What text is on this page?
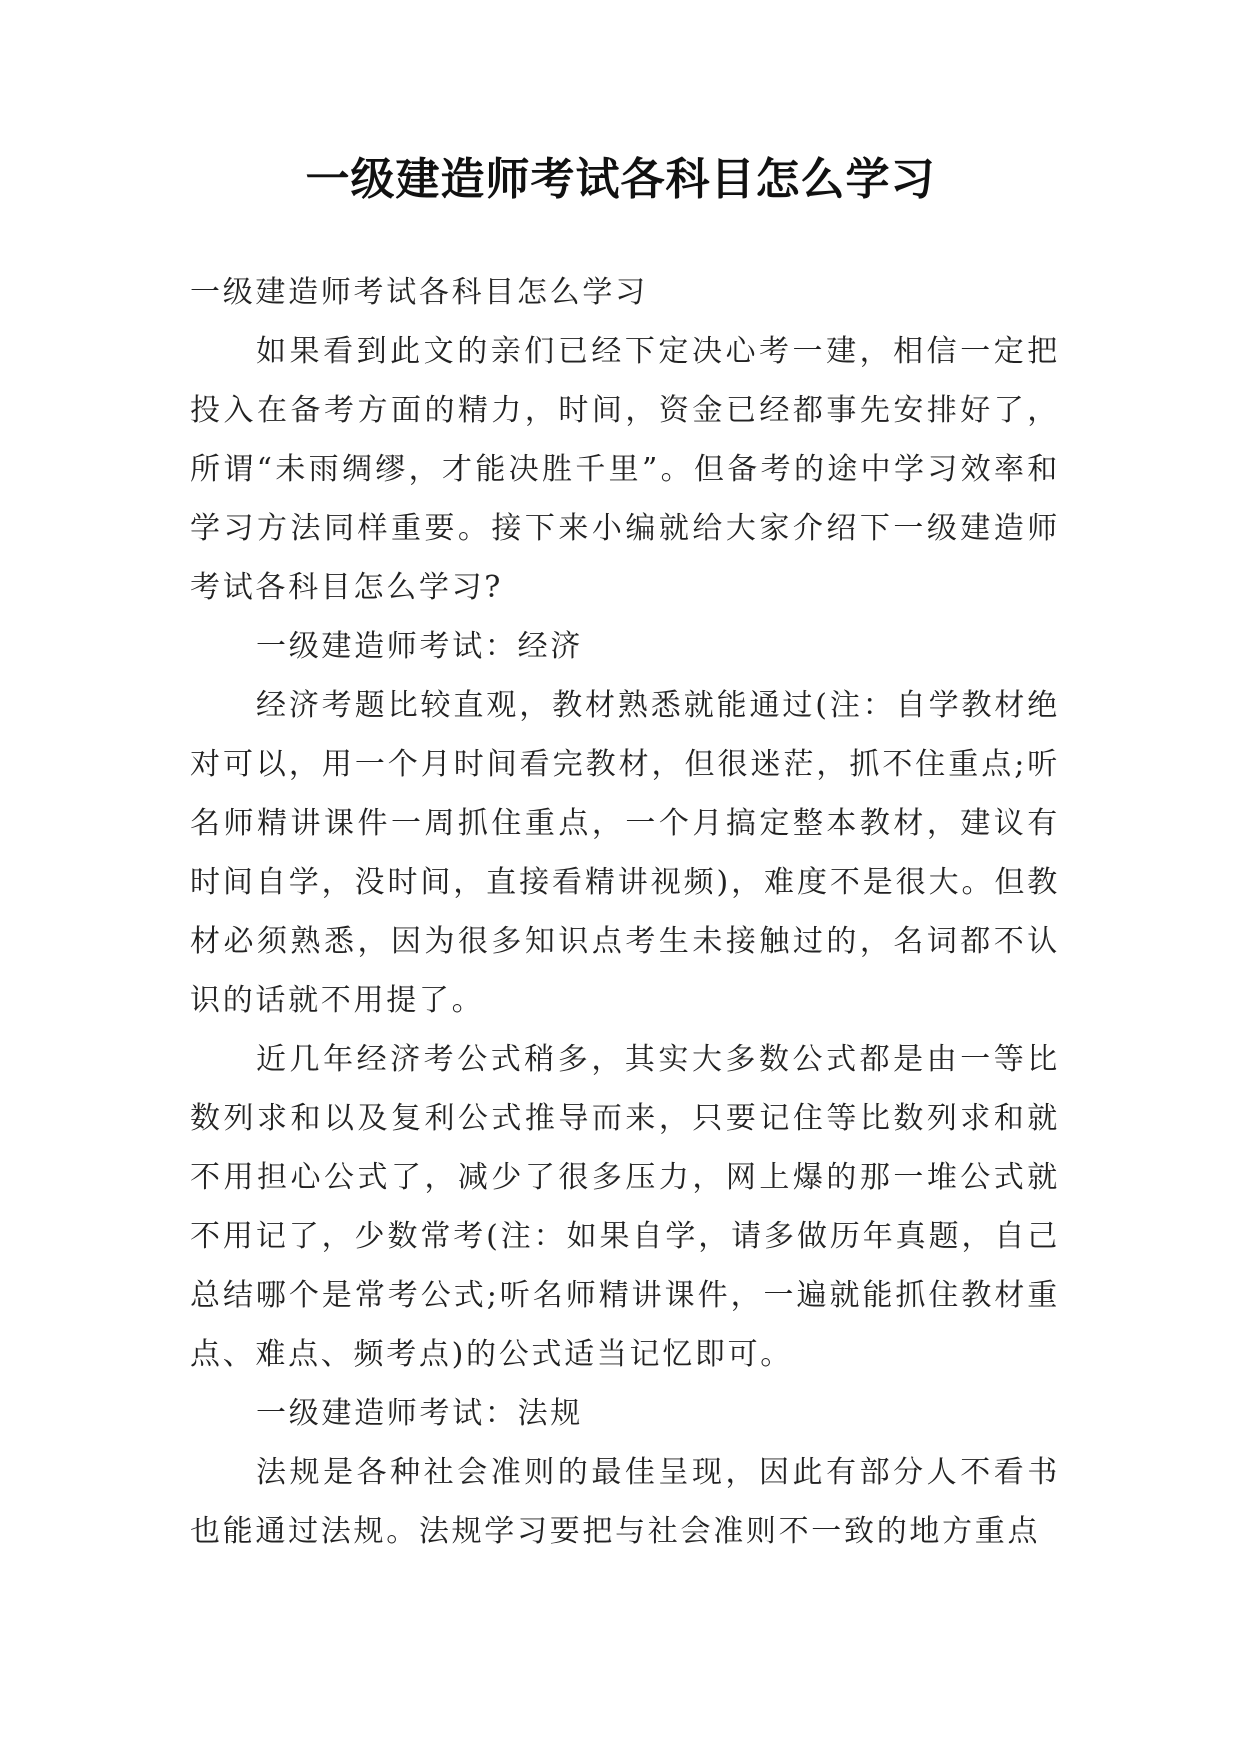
一级建造师考试各科目怎么学习

一级建造师考试各科目怎么学习

如果看到此文的亲们已经下定决心考一建，相信一定把投入在备考方面的精力，时间，资金已经都事先安排好了，所谓“未雨绸缪，才能决胜千里”。但备考的途中学习效率和学习方法同样重要。接下来小编就给大家介绍下一级建造师考试各科目怎么学习?

一级建造师考试：经济

经济考题比较直观，教材熟悉就能通过(注：自学教材绝对可以，用一个月时间看完教材，但很迷茫，抓不住重点;听名师精讲课件一周抓住重点，一个月搞定整本教材，建议有时间自学，没时间，直接看精讲视频)，难度不是很大。但教材必须熟悉，因为很多知识点考生未接触过的，名词都不认识的话就不用提了。

近几年经济考公式稍多，其实大多数公式都是由一等比数列求和以及复利公式推导而来，只要记住等比数列求和就不用担心公式了，减少了很多压力，网上爆的那一堆公式就不用记了，少数常考(注：如果自学，请多做历年真题，自己总结哪个是常考公式;听名师精讲课件，一遍就能抓住教材重点、难点、频考点)的公式适当记忆即可。

一级建造师考试：法规

法规是各种社会准则的最佳呈现，因此有部分人不看书也能通过法规。法规学习要把与社会准则不一致的地方重点
